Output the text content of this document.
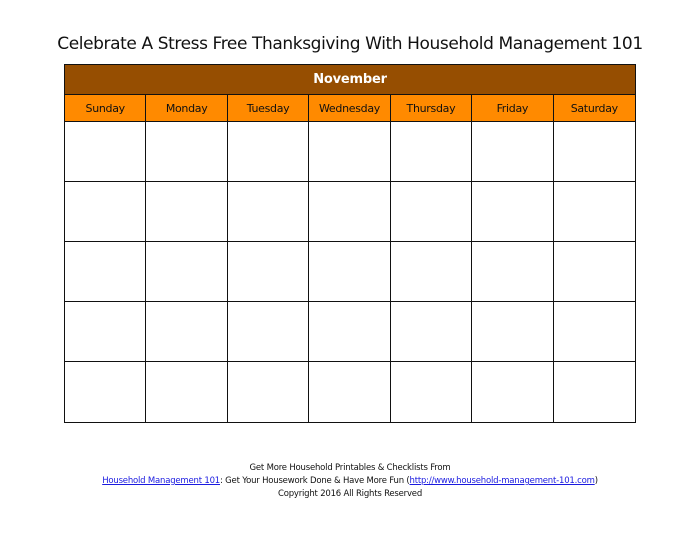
Celebrate A Stress Free Thanksgiving With Household Management 101
November
Sunday	Monday	Tuesday	Wednesday	Thursday	Friday	Saturday
Get More Household Printables & Checklists From
Household Management 101: Get Your Housework Done & Have More Fun (http://www.household-management-101.com)
Copyright 2016 All Rights Reserved
